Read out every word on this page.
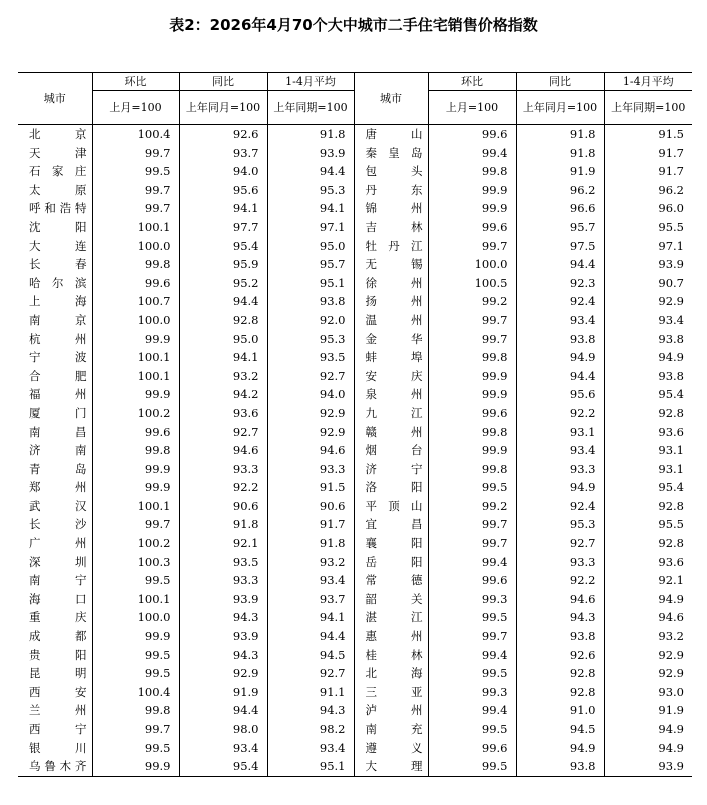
表2：2026年4月70个大中城市二手住宅销售价格指数
城市	环比	同比	1-4月平均	城市	环比	同比	1-4月平均
	上月=100	上年同月=100	上年同期=100		上月=100	上年同月=100	上年同期=100
北　　京	100.4	92.6	91.8	唐　　山	99.6	91.8	91.5
天　　津	99.7	93.7	93.9	秦 皇 岛	99.4	91.8	91.7
石 家 庄	99.5	94.0	94.4	包　　头	99.8	91.9	91.7
太　　原	99.7	95.6	95.3	丹　　东	99.9	96.2	96.2
呼和浩特	99.7	94.1	94.1	锦　　州	99.9	96.6	96.0
沈　　阳	100.1	97.7	97.1	吉　　林	99.6	95.7	95.5
大　　连	100.0	95.4	95.0	牡 丹 江	99.7	97.5	97.1
长　　春	99.8	95.9	95.7	无　　锡	100.0	94.4	93.9
哈 尔 滨	99.6	95.2	95.1	徐　　州	100.5	92.3	90.7
上　　海	100.7	94.4	93.8	扬　　州	99.2	92.4	92.9
南　　京	100.0	92.8	92.0	温　　州	99.7	93.4	93.4
杭　　州	99.9	95.0	95.3	金　　华	99.7	93.8	93.8
宁　　波	100.1	94.1	93.5	蚌　　埠	99.8	94.9	94.9
合　　肥	100.1	93.2	92.7	安　　庆	99.9	94.4	93.8
福　　州	99.9	94.2	94.0	泉　　州	99.9	95.6	95.4
厦　　门	100.2	93.6	92.9	九　　江	99.6	92.2	92.8
南　　昌	99.6	92.7	92.9	赣　　州	99.8	93.1	93.6
济　　南	99.8	94.6	94.6	烟　　台	99.9	93.4	93.1
青　　岛	99.9	93.3	93.3	济　　宁	99.8	93.3	93.1
郑　　州	99.9	92.2	91.5	洛　　阳	99.5	94.9	95.4
武　　汉	100.1	90.6	90.6	平 顶 山	99.2	92.4	92.8
长　　沙	99.7	91.8	91.7	宜　　昌	99.7	95.3	95.5
广　　州	100.2	92.1	91.8	襄　　阳	99.7	92.7	92.8
深　　圳	100.3	93.5	93.2	岳　　阳	99.4	93.3	93.6
南　　宁	99.5	93.3	93.4	常　　德	99.6	92.2	92.1
海　　口	100.1	93.9	93.7	韶　　关	99.3	94.6	94.9
重　　庆	100.0	94.3	94.1	湛　　江	99.5	94.3	94.6
成　　都	99.9	93.9	94.4	惠　　州	99.7	93.8	93.2
贵　　阳	99.5	94.3	94.5	桂　　林	99.4	92.6	92.9
昆　　明	99.5	92.9	92.7	北　　海	99.5	92.8	92.9
西　　安	100.4	91.9	91.1	三　　亚	99.3	92.8	93.0
兰　　州	99.8	94.4	94.3	泸　　州	99.4	91.0	91.9
西　　宁	99.7	98.0	98.2	南　　充	99.5	94.5	94.9
银　　川	99.5	93.4	93.4	遵　　义	99.6	94.9	94.9
乌鲁木齐	99.9	95.4	95.1	大　　理	99.5	93.8	93.9
